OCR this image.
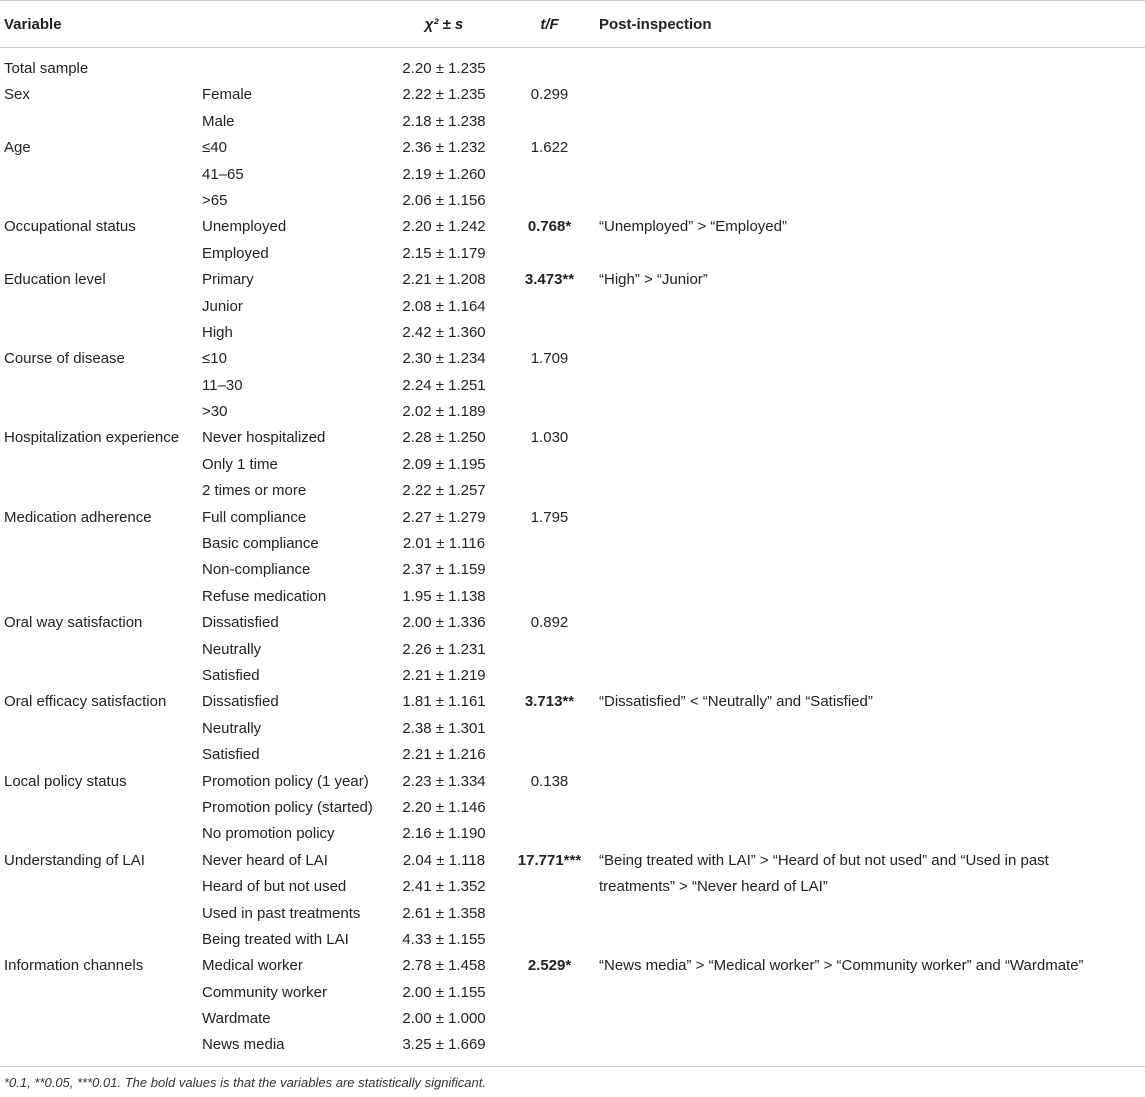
Variable		χ² ± s	t/F	Post-inspection
Total sample		2.20 ± 1.235		
Sex	Female	2.22 ± 1.235	0.299	
	Male	2.18 ± 1.238		
Age	≤40	2.36 ± 1.232	1.622	
	41–65	2.19 ± 1.260		
	>65	2.06 ± 1.156		
Occupational status	Unemployed	2.20 ± 1.242	0.768*	“Unemployed” > “Employed”
	Employed	2.15 ± 1.179		
Education level	Primary	2.21 ± 1.208	3.473**	“High” > “Junior”
	Junior	2.08 ± 1.164		
	High	2.42 ± 1.360		
Course of disease	≤10	2.30 ± 1.234	1.709	
	11–30	2.24 ± 1.251		
	>30	2.02 ± 1.189		
Hospitalization experience	Never hospitalized	2.28 ± 1.250	1.030	
	Only 1 time	2.09 ± 1.195		
	2 times or more	2.22 ± 1.257		
Medication adherence	Full compliance	2.27 ± 1.279	1.795	
	Basic compliance	2.01 ± 1.116		
	Non-compliance	2.37 ± 1.159		
	Refuse medication	1.95 ± 1.138		
Oral way satisfaction	Dissatisfied	2.00 ± 1.336	0.892	
	Neutrally	2.26 ± 1.231		
	Satisfied	2.21 ± 1.219		
Oral efficacy satisfaction	Dissatisfied	1.81 ± 1.161	3.713**	“Dissatisfied” < “Neutrally” and “Satisfied”
	Neutrally	2.38 ± 1.301		
	Satisfied	2.21 ± 1.216		
Local policy status	Promotion policy (1 year)	2.23 ± 1.334	0.138	
	Promotion policy (started)	2.20 ± 1.146		
	No promotion policy	2.16 ± 1.190		
Understanding of LAI	Never heard of LAI	2.04 ± 1.118	17.771***	“Being treated with LAI” > “Heard of but not used” and “Used in past treatments” > “Never heard of LAI”

	Heard of but not used	2.41 ± 1.352		
	Used in past treatments	2.61 ± 1.358		
	Being treated with LAI	4.33 ± 1.155		
Information channels	Medical worker	2.78 ± 1.458	2.529*	“News media” > “Medical worker” > “Community worker” and “Wardmate”
	Community worker	2.00 ± 1.155		
	Wardmate	2.00 ± 1.000		
	News media	3.25 ± 1.669		
*0.1, **0.05, ***0.01. The bold values is that the variables are statistically significant.
